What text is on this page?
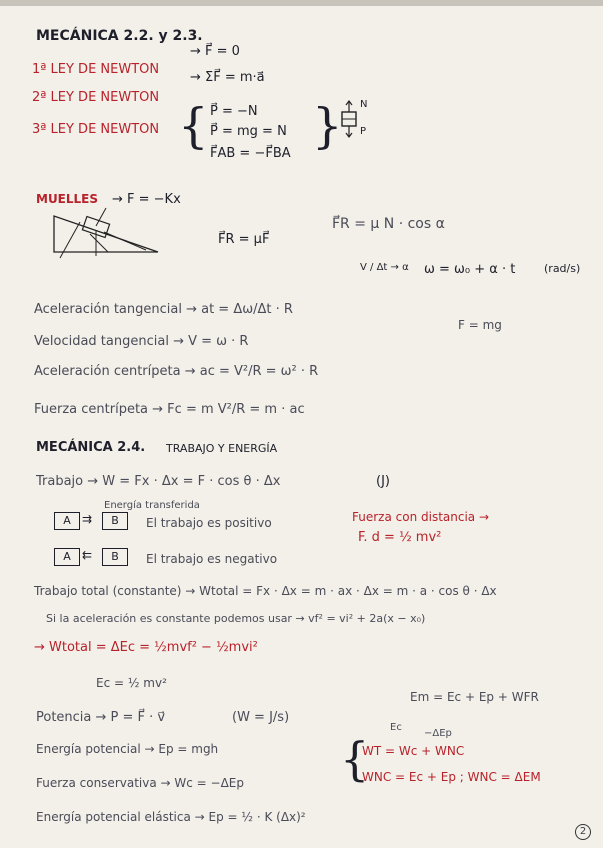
MECÁNICA 2.2. y 2.3.
1ª LEY DE NEWTON
→ F⃗ = 0
2ª LEY DE NEWTON
→ ΣF⃗ = m·a⃗
3ª LEY DE NEWTON { P⃗ = −N
P⃗ = mg = N
F⃗AB = −F⃗BA } N
P
MUELLES → F = −Kx
F⃗R = μF⃗
F⃗R = μ N · cos α
V / Δt → α ω = ω₀ + α · t	(rad/s)
F = mg
Aceleración tangencial → at = Δω/Δt · R
Velocidad tangencial → V = ω · R
Aceleración centrípeta → ac = V²/R = ω² · R
Fuerza centrípeta → Fc = m V²/R = m · ac
MECÁNICA 2.4. TRABAJO Y ENERGÍA
Trabajo → W = Fx · Δx = F · cos θ · Δx	(J)
Energía transferida
A ⇉	B	El trabajo es positivo	Fuerza con distancia →
F. d = ½ mv²
A ⇇	B	El trabajo es negativo
Trabajo total (constante) → Wtotal = Fx · Δx = m · ax · Δx = m · a · cos θ · Δx
Si la aceleración es constante podemos usar → vf² = vi² + 2a(x − x₀)
→ Wtotal = ΔEc = ½mvf² − ½mvi²
Ec = ½ mv²
Em = Ec + Ep + WFR
Potencia → P = F⃗ · v⃗	(W = J/s)
Ec
−ΔEp
Energía potencial → Ep = mgh	{
WT = Wc + WNC
Fuerza conservativa → Wc = −ΔEp	WNC = Ec + Ep ; WNC = ΔEM
Energía potencial elástica → Ep = ½ · K (Δx)²
2
